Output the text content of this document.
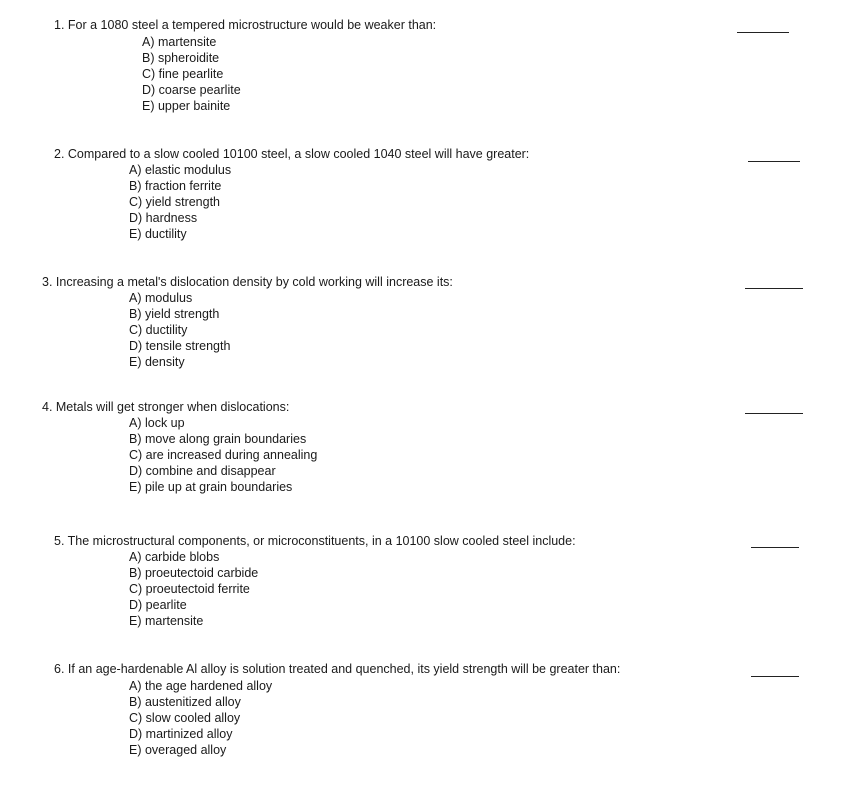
1. For a 1080 steel a tempered microstructure would be weaker than:
A) martensite
B) spheroidite
C) fine pearlite
D) coarse pearlite
E) upper bainite
2. Compared to a slow cooled 10100 steel, a slow cooled 1040 steel will have greater:
A) elastic modulus
B) fraction ferrite
C) yield strength
D) hardness
E) ductility
3. Increasing a metal's dislocation density by cold working will increase its:
A) modulus
B) yield strength
C) ductility
D) tensile strength
E) density
4. Metals will get stronger when dislocations:
A) lock up
B) move along grain boundaries
C) are increased during annealing
D) combine and disappear
E) pile up at grain boundaries
5. The microstructural components, or microconstituents, in a 10100 slow cooled steel include:
A) carbide blobs
B) proeutectoid carbide
C) proeutectoid ferrite
D) pearlite
E) martensite
6. If an age-hardenable Al alloy is solution treated and quenched, its yield strength will be greater than:
A) the age hardened alloy
B) austenitized alloy
C) slow cooled alloy
D) martinized alloy
E) overaged alloy
